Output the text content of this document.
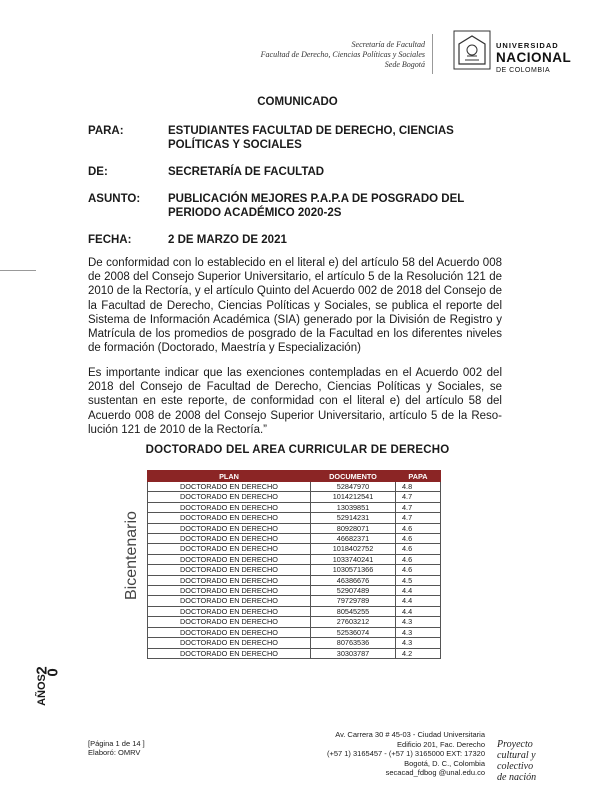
Secretaría de Facultad
Facultad de Derecho, Ciencias Políticas y Sociales
Sede Bogotá
UNIVERSIDAD
NACIONAL
DE COLOMBIA
COMUNICADO
PARA:	ESTUDIANTES FACULTAD DE DERECHO, CIENCIAS POLÍTICAS Y SOCIALES
DE:	SECRETARÍA DE FACULTAD
ASUNTO:	PUBLICACIÓN MEJORES P.A.P.A DE POSGRADO DEL PERIODO ACADÉMICO 2020-2S
FECHA:	2 DE MARZO DE 2021
De conformidad con lo establecido en el literal e) del artículo 58 del Acuerdo 008 de 2008 del Consejo Superior Universitario, el artículo 5 de la Resolución 121 de 2010 de la Rectoría, y el artículo Quinto del Acuerdo 002 de 2018 del Consejo de la Facultad de Derecho, Ciencias Políticas y Sociales, se publica el reporte del Sistema de Información Académica (SIA) generado por la División de Registro y Matrícula de los promedios de posgrado de la Facultad en los diferentes niveles de formación (Doctorado, Maestría y Especialización)
Es importante indicar que las exenciones contempladas en el Acuerdo 002 del 2018 del Consejo de Facultad de Derecho, Ciencias Políticas y Sociales, se sustentan en este reporte, de conformidad con el literal e) del artículo 58 del Acuerdo 008 de 2008 del Consejo Superior Universitario, artículo 5 de la Reso-lución 121 de 2010 de la Rectoría.”
DOCTORADO DEL AREA CURRICULAR DE DERECHO
PLAN	DOCUMENTO	PAPA
DOCTORADO EN DERECHO	52847970	4.8
DOCTORADO EN DERECHO	1014212541	4.7
DOCTORADO EN DERECHO	13039851	4.7
DOCTORADO EN DERECHO	52914231	4.7
DOCTORADO EN DERECHO	80928071	4.6
DOCTORADO EN DERECHO	46682371	4.6
DOCTORADO EN DERECHO	1018402752	4.6
DOCTORADO EN DERECHO	1033740241	4.6
DOCTORADO EN DERECHO	1030571366	4.6
DOCTORADO EN DERECHO	46386676	4.5
DOCTORADO EN DERECHO	52907489	4.4
DOCTORADO EN DERECHO	79729789	4.4
DOCTORADO EN DERECHO	80545255	4.4
DOCTORADO EN DERECHO	27603212	4.3
DOCTORADO EN DERECHO	52536074	4.3
DOCTORADO EN DERECHO	80763536	4.3
DOCTORADO EN DERECHO	30303787	4.2
Bicentenario
2
0
AÑOS
[Página 1 de 14 ]
Elaboró: OMRV
Av. Carrera 30 # 45-03 - Ciudad Universitaria
Edificio 201, Fac. Derecho
(+57 1) 3165457 - (+57 1) 3165000 EXT: 17320
Bogotá, D. C., Colombia
secacad_fdbog @unal.edu.co
Proyecto
cultural y
colectivo
de nación
